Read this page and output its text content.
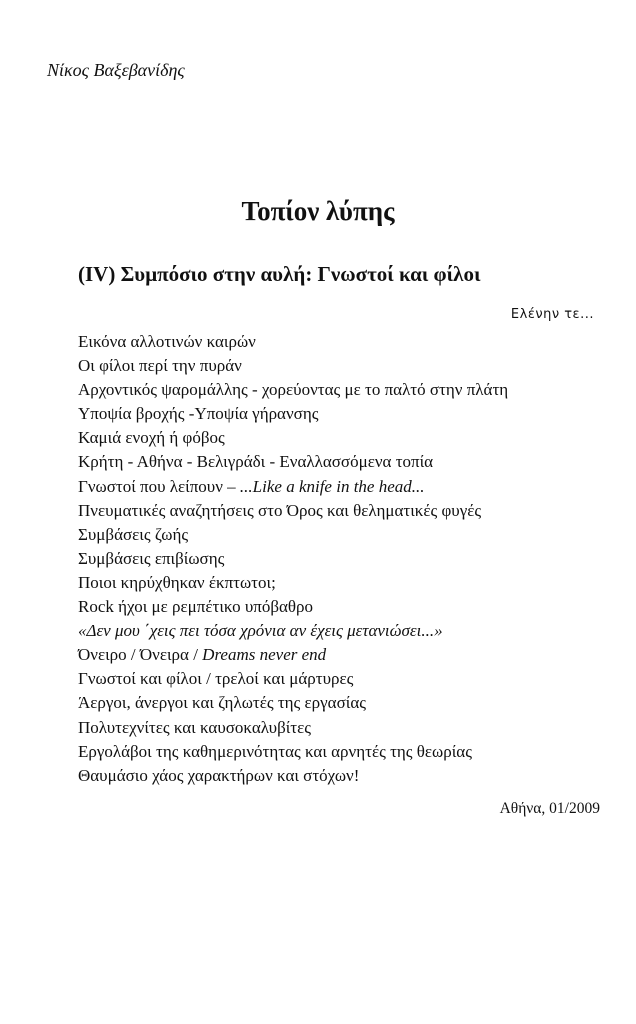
Νίκος Βαξεβανίδης
Τοπίον λύπης
(IV) Συμπόσιο στην αυλή: Γνωστοί και φίλοι
Ελένην τε...
Εικόνα αλλοτινών καιρών
Οι φίλοι περί την πυράν
Αρχοντικός ψαρομάλλης - χορεύοντας με το παλτό στην πλάτη
Υποψία βροχής -Υποψία γήρανσης
Καμιά ενοχή ή φόβος
Κρήτη - Αθήνα - Βελιγράδι - Εναλλασσόμενα τοπία
Γνωστοί που λείπουν – ...Like a knife in the head...
Πνευματικές αναζητήσεις στο Όρος και θεληματικές φυγές
Συμβάσεις ζωής
Συμβάσεις επιβίωσης
Ποιοι κηρύχθηκαν έκπτωτοι;
Rock ήχοι με ρεμπέτικο υπόβαθρο
«Δεν μου ΄χεις πει τόσα χρόνια αν έχεις μετανιώσει...»
Όνειρο / Όνειρα / Dreams never end
Γνωστοί και φίλοι / τρελοί και μάρτυρες
Άεργοι, άνεργοι και ζηλωτές της εργασίας
Πολυτεχνίτες και καυσοκαλυβίτες
Εργολάβοι της καθημερινότητας και αρνητές της θεωρίας
Θαυμάσιο χάος χαρακτήρων και στόχων!
Αθήνα, 01/2009
